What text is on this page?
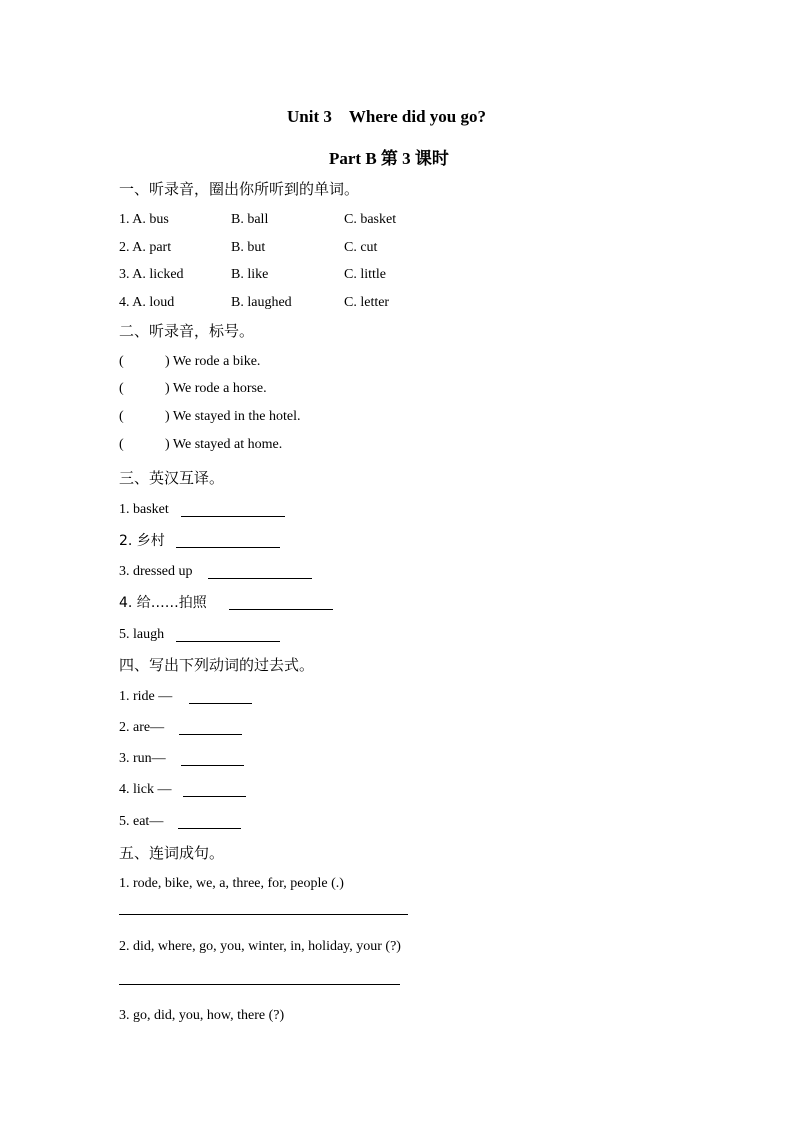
Unit 3　Where did you go?
Part B 第 3 课时
一、听录音，圈出你所听到的单词。
1. A. bus	B. ball	C. basket
2. A. part	B. but	C. cut
3. A. licked	B. like	C. little
4. A. loud	B. laughed	C. letter
二、听录音，标号。
(	) We rode a bike.
(	) We rode a horse.
(	) We stayed in the hotel.
(	) We stayed at home.
三、英汉互译。
1. basket
2. 乡村
3. dressed up
4. 给……拍照
5. laugh
四、写出下列动词的过去式。
1. ride —
2. are—
3. run—
4. lick —
5. eat—
五、连词成句。
1. rode, bike, we, a, three, for, people (.)
2. did, where, go, you, winter, in, holiday, your (?)
3. go, did, you, how, there (?)
